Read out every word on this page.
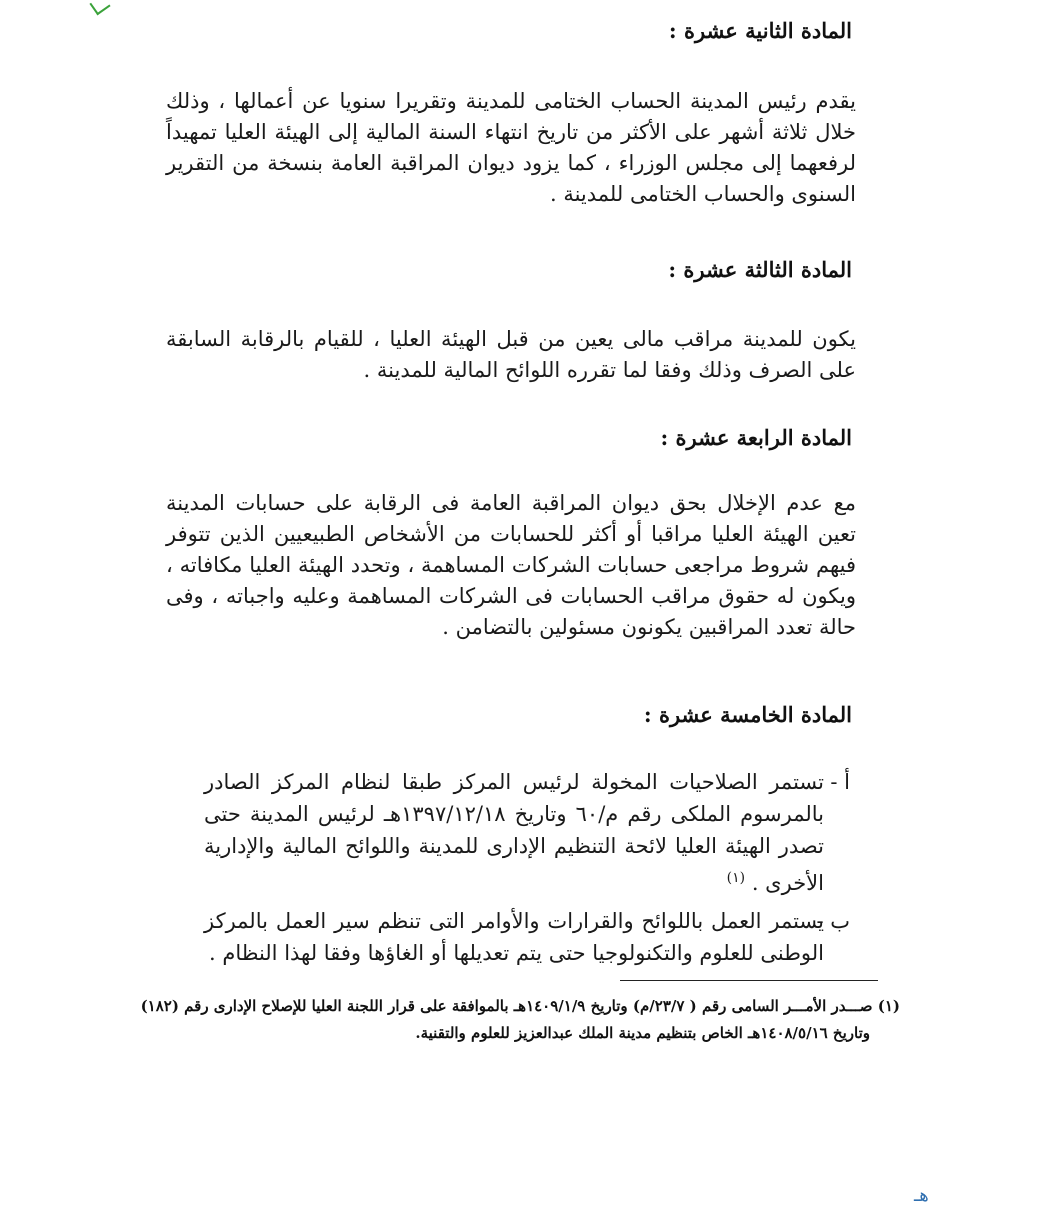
المادة الثانية عشرة :

يقدم رئيس المدينة الحساب الختامى للمدينة وتقريرا سنويا عن أعمالها ، وذلك خلال ثلاثة أشهر على الأكثر من تاريخ انتهاء السنة المالية إلى الهيئة العليا تمهيداً لرفعهما إلى مجلس الوزراء ، كما يزود ديوان المراقبة العامة بنسخة من التقرير السنوى والحساب الختامى للمدينة .

المادة الثالثة عشرة :

يكون للمدينة مراقب مالى يعين من قبل الهيئة العليا ، للقيام بالرقابة السابقة على الصرف وذلك وفقا لما تقرره اللوائح المالية للمدينة .

المادة الرابعة عشرة :

مع عدم الإخلال بحق ديوان المراقبة العامة فى الرقابة على حسابات المدينة تعين الهيئة العليا مراقبا أو أكثر للحسابات من الأشخاص الطبيعيين الذين تتوفر فيهم شروط مراجعى حسابات الشركات المساهمة ، وتحدد الهيئة العليا مكافاته ، ويكون له حقوق مراقب الحسابات فى الشركات المساهمة وعليه واجباته ، وفى حالة تعدد المراقبين يكونون مسئولين بالتضامن .

المادة الخامسة عشرة :
أ -
تستمر الصلاحيات المخولة لرئيس المركز طبقا لنظام المركز الصادر بالمرسوم الملكى رقم م/٦٠ وتاريخ ١٣٩٧/١٢/١٨هـ لرئيس المدينة حتى تصدر الهيئة العليا لائحة التنظيم الإدارى للمدينة واللوائح المالية والإدارية الأخرى . $^{(١)}$
ب -
يستمر العمل باللوائح والقرارات والأوامر التى تنظم سير العمل بالمركز الوطنى للعلوم والتكنولوجيا حتى يتم تعديلها أو الغاؤها وفقا لهذا النظام .
(١) صـــدر الأمـــر السامى رقم ( ٢٣/٧/م) وتاريخ ١٤٠٩/١/٩هـ بالموافقة على قرار اللجنة العليا للإصلاح الإدارى رقم (١٨٢)
وتاريخ ١٤٠٨/٥/١٦هـ الخاص بتنظيم مدينة الملك عبدالعزيز للعلوم والتقنية.
هـ
